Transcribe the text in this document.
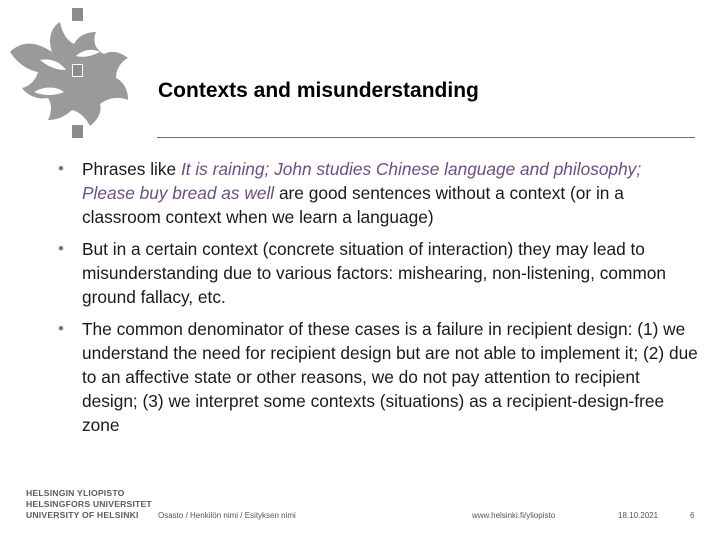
Contexts and misunderstanding
• Phrases like It is raining; John studies Chinese language and philosophy; Please buy bread as well are good sentences without a context (or in a classroom context when we learn a language)
• But in a certain context (concrete situation of interaction) they may lead to misunderstanding due to various factors: mishearing, non-listening, common ground fallacy, etc.
• The common denominator of these cases is a failure in recipient design: (1) we understand the need for recipient design but are not able to implement it; (2) due to an affective state or other reasons, we do not pay attention to recipient design; (3) we interpret some contexts (situations) as a recipient-design-free zone
HELSINGIN YLIOPISTO
HELSINGFORS UNIVERSITET
UNIVERSITY OF HELSINKI	Osasto / Henkilön nimi / Esityksen nimi	www.helsinki.fi/yliopisto	18.10.2021	6
